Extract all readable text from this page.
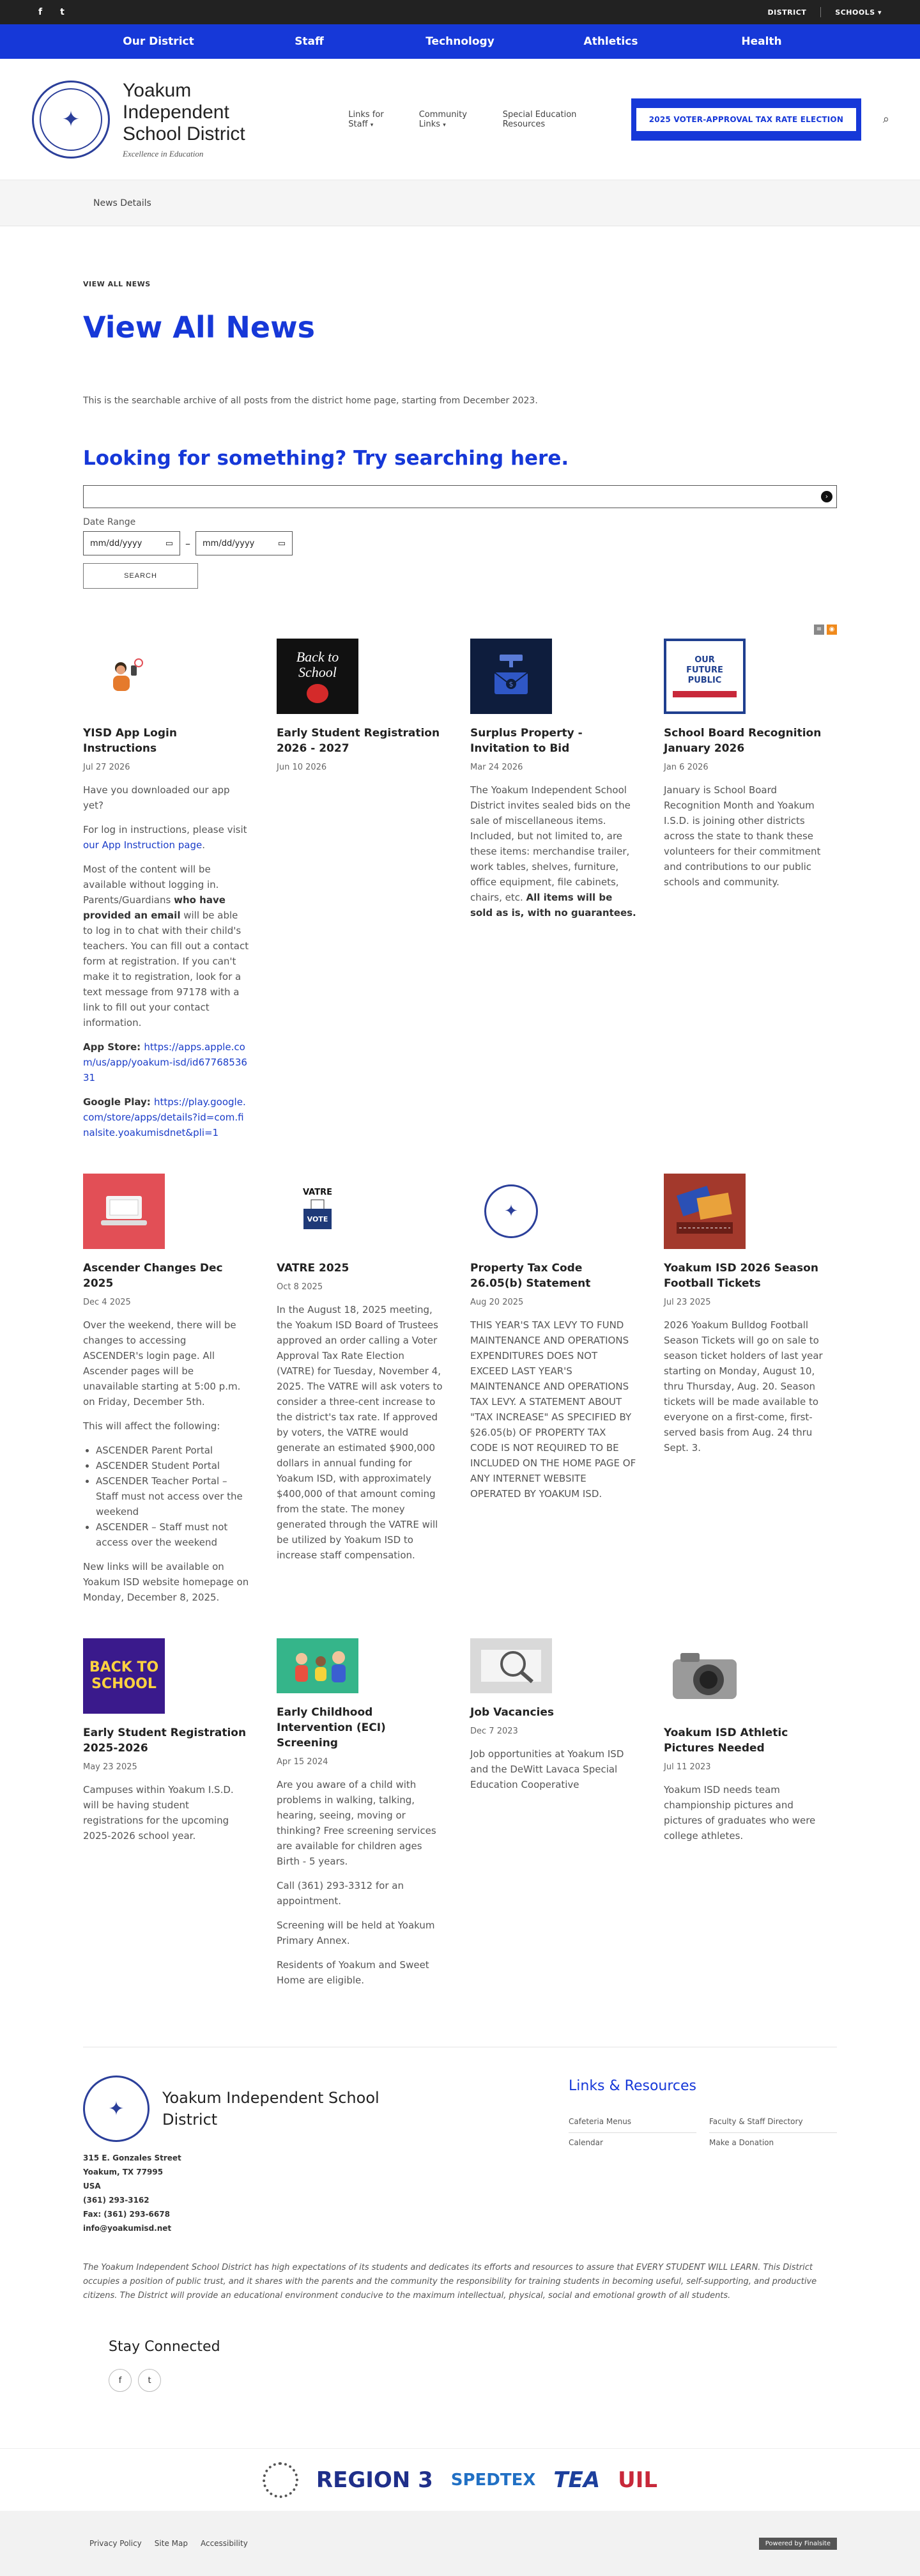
f t	DISTRICT	SCHOOLS ▾
Our District	Staff	Technology	Athletics	Health
✦
Yoakum Independent School District
Excellence in Education
Links for Staff ▾
Community Links ▾
Special Education Resources	2025 VOTER-APPROVAL TAX RATE ELECTION	⌕
News Details
VIEW ALL NEWS
View All News

This is the searchable archive of all posts from the district home page, starting from December 2023.

Looking for something? Try searching here.
›
Date Range
mm/dd/yyyy	▭ – mm/dd/yyyy	▭
SEARCH
≡	◉
YISD App Login Instructions
Jul 27 2026

Have you downloaded our app yet?

For log in instructions, please visit our App Instruction page.

Most of the content will be available without logging in. Parents/Guardians who have provided an email will be able to log in to chat with their child's teachers. You can fill out a contact form at registration. If you can't make it to registration, look for a text message from 97178 with a link to fill out your contact information.

App Store: https://apps.apple.com/us/app/yoakum-isd/id6776853631

Google Play: https://play.google.com/store/apps/details?id=com.finalsite.yoakumisdnet&pli=1

Back to School
Early Student Registration 2026 - 2027
Jun 10 2026
$
Surplus Property - Invitation to Bid
Mar 24 2026

The Yoakum Independent School District invites sealed bids on the sale of miscellaneous items. Included, but not limited to, are these items: merchandise trailer, work tables, shelves, furniture, office equipment, file cabinets, chairs, etc. All items will be sold as is, with no guarantees.

OUR FUTURE PUBLIC
School Board Recognition January 2026
Jan 6 2026

January is School Board Recognition Month and Yoakum I.S.D. is joining other districts across the state to thank these volunteers for their commitment and contributions to our public schools and community.

Ascender Changes Dec 2025
Dec 4 2025

Over the weekend, there will be changes to accessing ASCENDER's login page. All Ascender pages will be unavailable starting at 5:00 p.m. on Friday, December 5th.

This will affect the following:

• ASCENDER Parent Portal
• ASCENDER Student Portal
• ASCENDER Teacher Portal – Staff must not access over the weekend
• ASCENDER – Staff must not access over the weekend

New links will be available on Yoakum ISD website homepage on Monday, December 8, 2025.

VATRE
VOTE
VATRE 2025
Oct 8 2025

In the August 18, 2025 meeting, the Yoakum ISD Board of Trustees approved an order calling a Voter Approval Tax Rate Election (VATRE) for Tuesday, November 4, 2025. The VATRE will ask voters to consider a three-cent increase to the district's tax rate. If approved by voters, the VATRE would generate an estimated $900,000 dollars in annual funding for Yoakum ISD, with approximately $400,000 of that amount coming from the state. The money generated through the VATRE will be utilized by Yoakum ISD to increase staff compensation.

✦
Property Tax Code 26.05(b) Statement
Aug 20 2025

THIS YEAR'S TAX LEVY TO FUND MAINTENANCE AND OPERATIONS EXPENDITURES DOES NOT EXCEED LAST YEAR'S MAINTENANCE AND OPERATIONS TAX LEVY. A STATEMENT ABOUT "TAX INCREASE" AS SPECIFIED BY §26.05(b) OF PROPERTY TAX CODE IS NOT REQUIRED TO BE INCLUDED ON THE HOME PAGE OF ANY INTERNET WEBSITE OPERATED BY YOAKUM ISD.

Yoakum ISD 2026 Season Football Tickets
Jul 23 2025

2026 Yoakum Bulldog Football Season Tickets will go on sale to season ticket holders of last year starting on Monday, August 10, thru Thursday, Aug. 20. Season tickets will be made available to everyone on a first-come, first-served basis from Aug. 24 thru Sept. 3.

BACK TO SCHOOL
Early Student Registration 2025-2026
May 23 2025

Campuses within Yoakum I.S.D. will be having student registrations for the upcoming 2025-2026 school year.

Early Childhood Intervention (ECI) Screening
Apr 15 2024

Are you aware of a child with problems in walking, talking, hearing, seeing, moving or thinking? Free screening services are available for children ages Birth - 5 years.

Call (361) 293-3312 for an appointment.

Screening will be held at Yoakum Primary Annex.

Residents of Yoakum and Sweet Home are eligible.

Job Vacancies
Dec 7 2023

Job opportunities at Yoakum ISD and the DeWitt Lavaca Special Education Cooperative

Yoakum ISD Athletic Pictures Needed
Jul 11 2023

Yoakum ISD needs team championship pictures and pictures of graduates who were college athletes.

✦	Yoakum Independent School District
315 E. Gonzales Street
Yoakum, TX 77995
USA
(361) 293-3162
Fax: (361) 293-6678
info@yoakumisd.net
Links & Resources
Cafeteria Menus	Faculty & Staff Directory
Calendar	Make a Donation

The Yoakum Independent School District has high expectations of its students and dedicates its efforts and resources to assure that EVERY STUDENT WILL LEARN. This District occupies a position of public trust, and it shares with the parents and the community the responsibility for training students in becoming useful, self-supporting, and productive citizens. The District will provide an educational environment conducive to the maximum intellectual, physical, social and emotional growth of all students.

Stay Connected
f	t
REGION 3 SPEDTEX TEA UIL
Privacy Policy Site Map Accessibility	Powered by Finalsite
